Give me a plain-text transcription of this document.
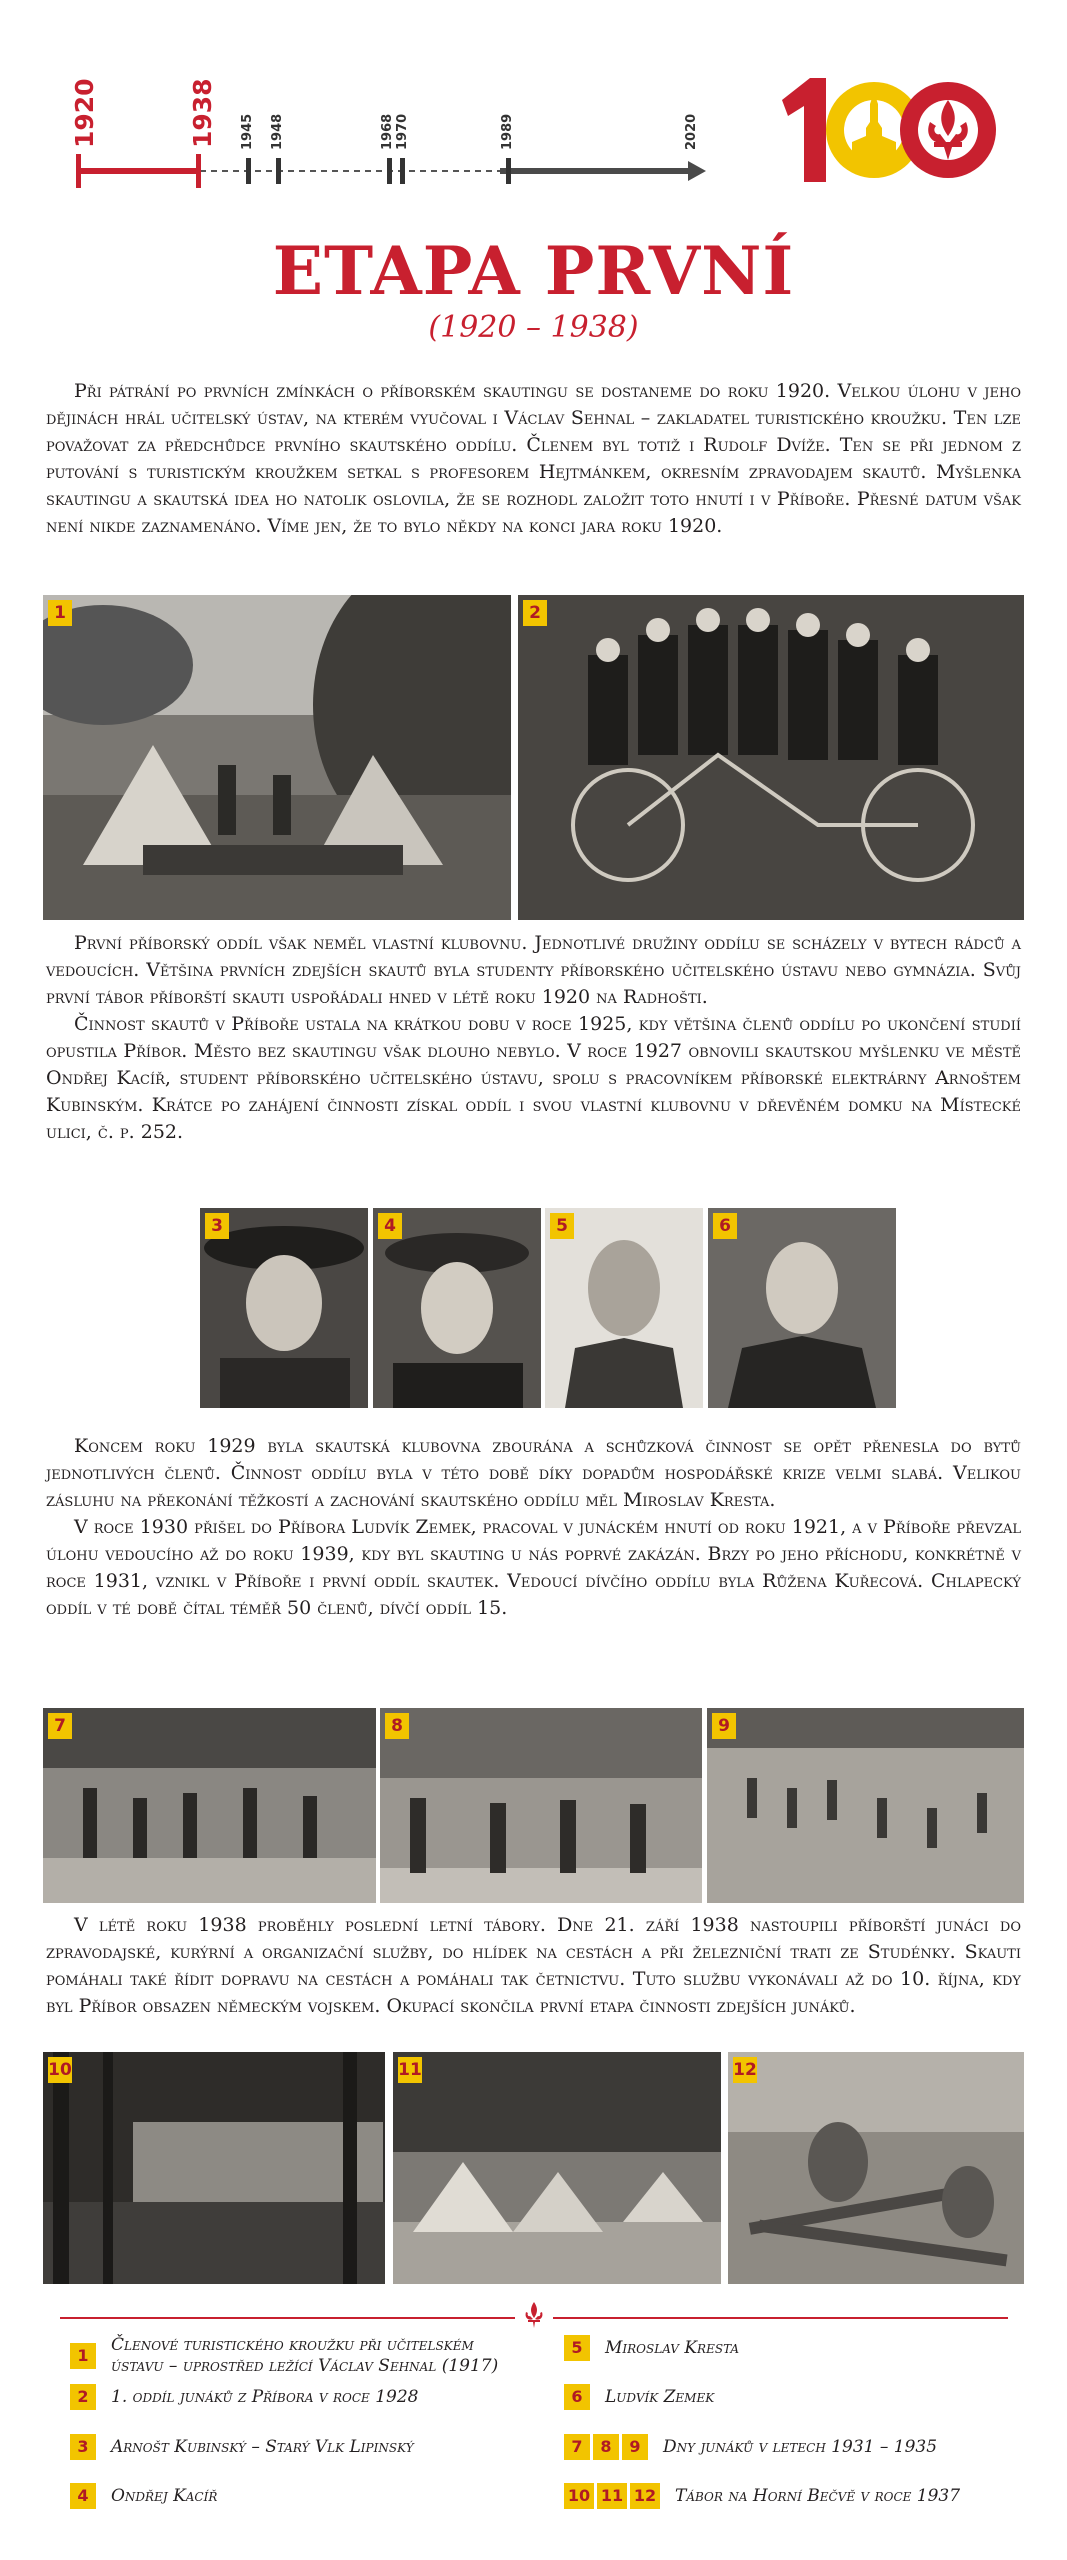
1920	1938 1945 1948	1968 1970	1989	2020
ETAPA PRVNÍ
(1920 – 1938)

Při pátrání po prvních zmínkách o příborském skautingu se dostaneme do roku 1920. Velkou úlohu v jeho dějinách hrál učitelský ústav, na kterém vyučoval i Václav Sehnal – zakladatel turistického kroužku. Ten lze považovat za předchůdce prvního skautského oddílu. Členem byl totiž i Rudolf Dvíže. Ten se při jednom z putování s turistickým kroužkem setkal s profesorem Hejtmánkem, okresním zpravodajem skautů. Myšlenka skautingu a skautská idea ho natolik oslovila, že se rozhodl založit toto hnutí i v Příboře. Přesné datum však není nikde zaznamenáno. Víme jen, že to bylo někdy na konci jara roku 1920.

1	2

První příborský oddíl však neměl vlastní klubovnu. Jednotlivé družiny oddílu se scházely v bytech rádců a vedoucích. Většina prvních zdejších skautů byla studenty příborského učitelského ústavu nebo gymnázia. Svůj první tábor příborští skauti uspořádali hned v létě roku 1920 na Radhošti.

Činnost skautů v Příboře ustala na krátkou dobu v roce 1925, kdy většina členů oddílu po ukončení studií opustila Příbor. Město bez skautingu však dlouho nebylo. V roce 1927 obnovili skautskou myšlenku ve městě Ondřej Kacíř, student příborského učitelského ústavu, spolu s pracovníkem příborské elektrárny Arnoštem Kubinským. Krátce po zahájení činnosti získal oddíl i svou vlastní klubovnu v dřevěném domku na Místecké ulici, č. p. 252.

3	4	5	6

Koncem roku 1929 byla skautská klubovna zbourána a schůzková činnost se opět přenesla do bytů jednotlivých členů. Činnost oddílu byla v této době díky dopadům hospodářské krize velmi slabá. Velikou zásluhu na překonání těžkostí a zachování skautského oddílu měl Miroslav Kresta.

V roce 1930 přišel do Příbora Ludvík Zemek, pracoval v junáckém hnutí od roku 1921, a v Příboře převzal úlohu vedoucího až do roku 1939, kdy byl skauting u nás poprvé zakázán. Brzy po jeho příchodu, konkrétně v roce 1931, vznikl v Příboře i první oddíl skautek. Vedoucí dívčího oddílu byla Růžena Kuřecová. Chlapecký oddíl v té době čítal téměř 50 členů, dívčí oddíl 15.

7	8	9

V létě roku 1938 proběhly poslední letní tábory. Dne 21. září 1938 nastoupili příborští junáci do zpravodajské, kurýrní a organizační služby, do hlídek na cestách a při železniční trati ze Studénky. Skauti pomáhali také řídit dopravu na cestách a pomáhali tak četnictvu. Tuto službu vykonávali až do 10. října, kdy byl Příbor obsazen německým vojskem. Okupací skončila první etapa činnosti zdejších junáků.

10	11	12
1
Členové turistického kroužku při učitelském ústavu – uprostřed ležící Václav Sehnal (1917)
2	1. oddíl junáků z Příbora v roce 1928
3	Arnošt Kubinský – Starý Vlk Lipinský
4	Ondřej Kacíř
5	Miroslav Kresta
6	Ludvík Zemek
7	8	9	Dny junáků v letech 1931 – 1935
10 11 12 Tábor na Horní Bečvě v roce 1937
